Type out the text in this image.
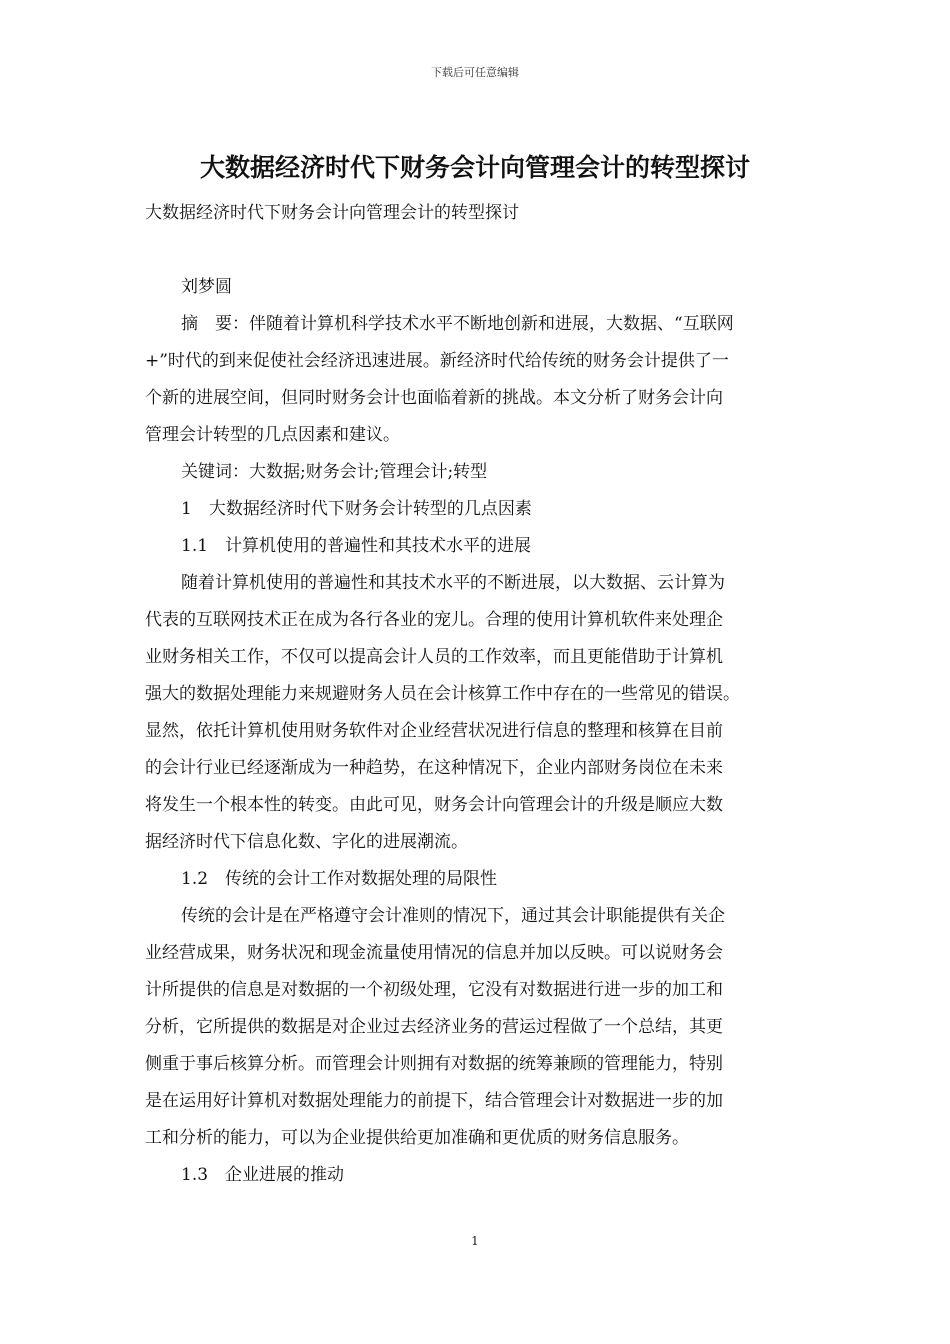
下载后可任意编辑
大数据经济时代下财务会计向管理会计的转型探讨
大数据经济时代下财务会计向管理会计的转型探讨
刘梦圆
摘　要：伴随着计算机科学技术水平不断地创新和进展，大数据、“互联网
+”时代的到来促使社会经济迅速进展。新经济时代给传统的财务会计提供了一
个新的进展空间，但同时财务会计也面临着新的挑战。本文分析了财务会计向
管理会计转型的几点因素和建议。
关键词：大数据;财务会计;管理会计;转型
1　大数据经济时代下财务会计转型的几点因素
1.1　计算机使用的普遍性和其技术水平的进展
随着计算机使用的普遍性和其技术水平的不断进展，以大数据、云计算为
代表的互联网技术正在成为各行各业的宠儿。合理的使用计算机软件来处理企
业财务相关工作，不仅可以提高会计人员的工作效率，而且更能借助于计算机
强大的数据处理能力来规避财务人员在会计核算工作中存在的一些常见的错误。
显然，依托计算机使用财务软件对企业经营状况进行信息的整理和核算在目前
的会计行业已经逐渐成为一种趋势，在这种情况下，企业内部财务岗位在未来
将发生一个根本性的转变。由此可见，财务会计向管理会计的升级是顺应大数
据经济时代下信息化数、字化的进展潮流。
1.2　传统的会计工作对数据处理的局限性
传统的会计是在严格遵守会计准则的情况下，通过其会计职能提供有关企
业经营成果，财务状况和现金流量使用情况的信息并加以反映。可以说财务会
计所提供的信息是对数据的一个初级处理，它没有对数据进行进一步的加工和
分析，它所提供的数据是对企业过去经济业务的营运过程做了一个总结，其更
侧重于事后核算分析。而管理会计则拥有对数据的统筹兼顾的管理能力，特别
是在运用好计算机对数据处理能力的前提下，结合管理会计对数据进一步的加
工和分析的能力，可以为企业提供给更加准确和更优质的财务信息服务。
1.3　企业进展的推动
1
